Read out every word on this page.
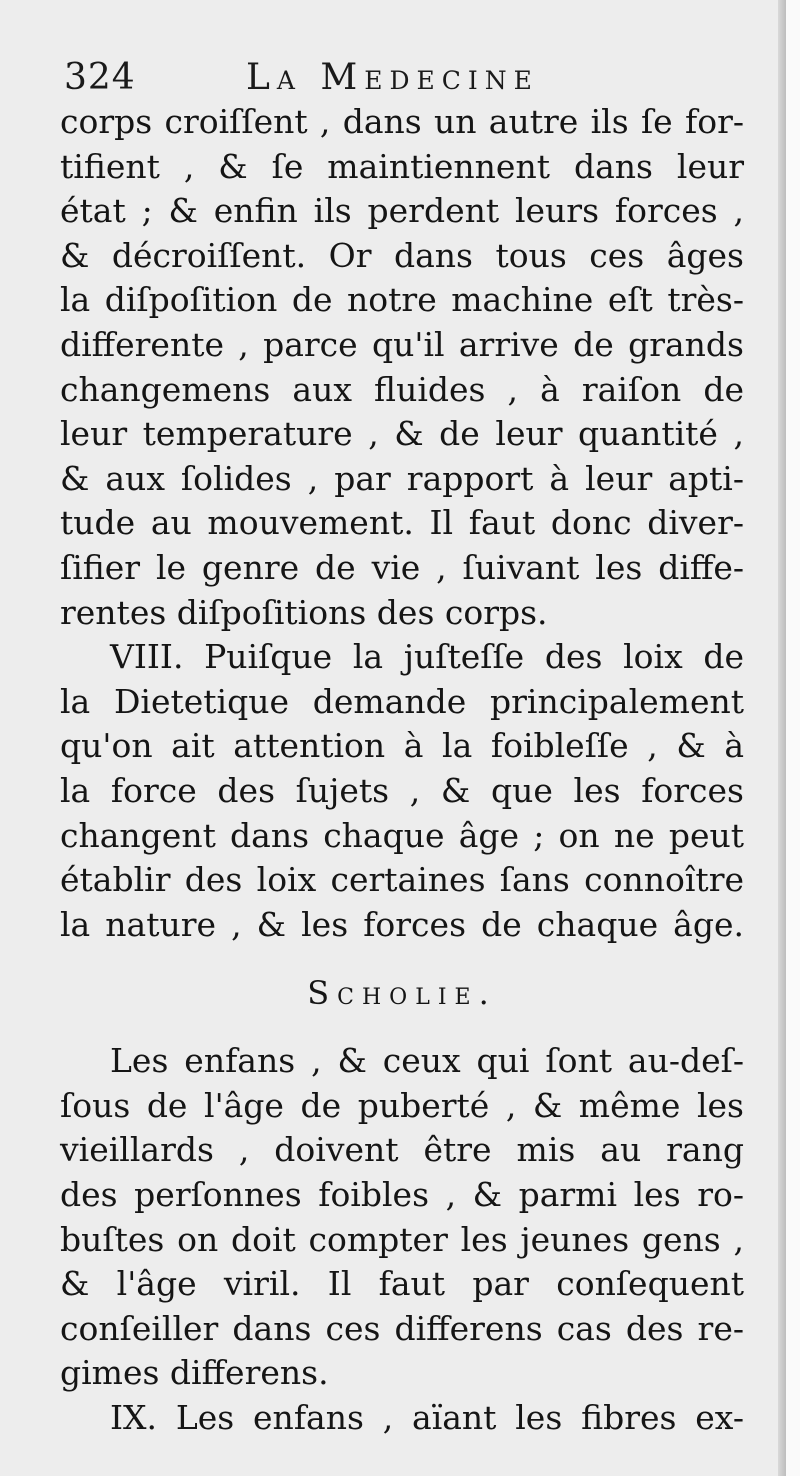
324	La Medecine
corps croiſſent , dans un autre ils ſe for-
tifient , & ſe maintiennent dans leur
état ; & enfin ils perdent leurs forces ,
& décroiſſent. Or dans tous ces âges
la diſpoſition de notre machine eſt très-
differente , parce qu'il arrive de grands
changemens aux fluides , à raiſon de
leur temperature , & de leur quantité ,
& aux ſolides , par rapport à leur apti-
tude au mouvement. Il faut donc diver-
ſifier le genre de vie , ſuivant les diffe-
rentes diſpoſitions des corps.
VIII. Puiſque la juſteſſe des loix de
la Dietetique demande principalement
qu'on ait attention à la foibleſſe , & à
la force des ſujets , & que les forces
changent dans chaque âge ; on ne peut
établir des loix certaines ſans connoître
la nature , & les forces de chaque âge.
Scholie.
Les enfans , & ceux qui ſont au-deſ-
ſous de l'âge de puberté , & même les
vieillards , doivent être mis au rang
des perſonnes foibles , & parmi les ro-
buſtes on doit compter les jeunes gens ,
& l'âge viril. Il faut par conſequent
conſeiller dans ces differens cas des re-
gimes differens.
IX. Les enfans , aïant les fibres ex-
